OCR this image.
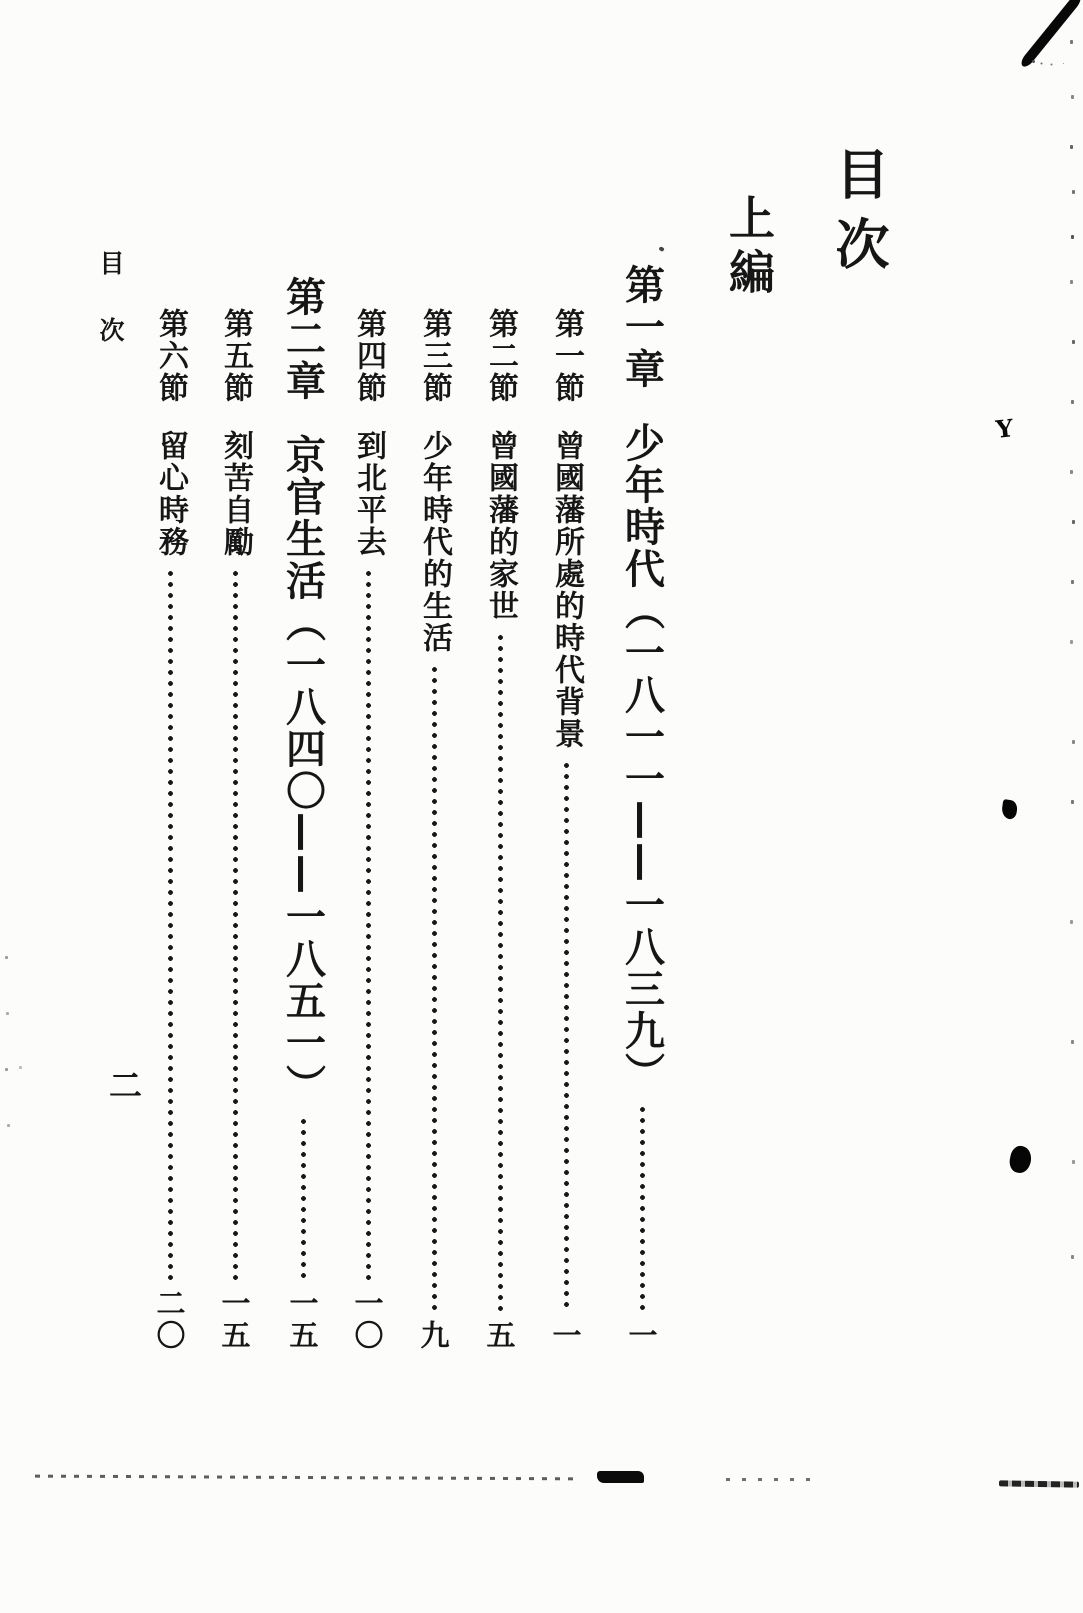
目次
上編
第一章
少年時代（一八一一——一八三九）
一
第一節
曾國藩所處的時代背景
一
第二節
曾國藩的家世
五
第三節
少年時代的生活
九
第四節
到北平去
一〇
第二章
京官生活（一八四〇——一八五一）
一五
第五節
刻苦自勵
一五
第六節
留心時務
二〇
目次
二
Y
